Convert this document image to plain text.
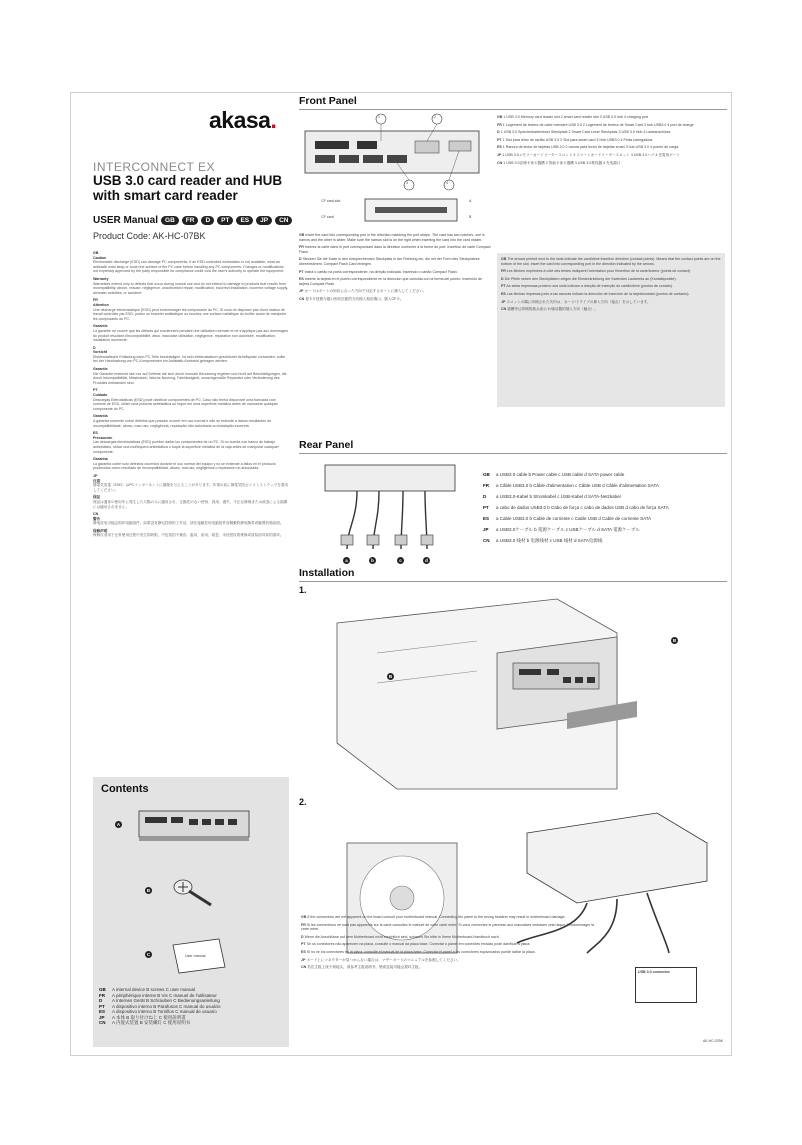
akasa.
INTERCONNECT EX
USB 3.0 card reader and HUB with smart card reader
USER Manual	GB	FR	D	PT	ES	JP	CN
Product Code: AK-HC-07BK

GB
Caution
Electrostatic discharge (ESD) can damage PC components. If an ESD controlled workstation is not available, wear an antistatic wrist strap or touch the surface of the PC case before handling any PC components. Changes or modifications not expressly approved by the party responsible for compliance could void the user's authority to operate the equipment.

Warranty
Warranties extend only to defects that occur during normal use and do not extend to damage to products that results from incompatibility, abuse, misuse, negligence, unauthorised repair, modification, incorrect installation, incorrect voltage supply, air/water activities, or accident.

FR
Attention
Une décharge électrostatique (ESD) peut endommager les composants du PC. Si vous ne disposez pas d'une station de travail contrôlée par ESD, portez un bracelet antistatique ou touchez une surface métallique du boîtier avant de manipuler les composants du PC.

Garantie
La garantie ne couvre que les défauts qui surviennent pendant une utilisation normale et ne s'applique pas aux dommages du produit résultant d'incompatibilité, abus, mauvaise utilisation, négligence, réparation non autorisée, modification, installation incorrecte.

D
Vorsicht
Elektrostatische Entladung kann PC-Teile beschädigen. Ist kein elektrostatisch geschützter Arbeitsplatz vorhanden, sollte bei der Handhabung von PC-Komponenten ein Antistatik-Armband getragen werden.

Garantie
Die Garantie erstreckt sich nur auf Defekte die sich durch normale Benutzung ergeben und nicht auf Beschädigungen, die durch Inkompatibilität, Missbrauch, falsche Nutzung, Fahrlässigkeit, unsachgemäße Reparatur oder Veränderung des Produkts entstanden sind.

PT
Cuidado
Descargas Eletrostáticas (ESD) pode danificar componentes de PC. Caso não tenha disponível uma bancada com controle de ESD, utilize uma pulseira antiestática ou toque em uma superfície metálica antes de manusear qualquer componente do PC.

Garantia
A garantia somente cobre defeitos que possam ocorrer em uso normal e não se estende a danos resultantes de incompatibilidade, abuso, mau uso, negligência, reparação não autorizada ou instalação incorreta.

ES
Precaución
Las descargas electrostáticas (ESD) pueden dañar los componentes de un PC. Si no cuenta con banco de trabajo antiestático, utilice una muñequera antiestática o toque la superficie metálica de la caja antes de manipular cualquier componente.

Garantía
La garantía cubre solo defectos ocurridos durante el uso normal del equipo y no se extiende a fallos en el producto producidos como resultado de incompatibilidad, abuso, mal uso, negligencia o reparación no autorizada.

JP
注意
静電気放電（ESD）はPCコンポーネントに損傷を与えることがあります。作業の前に静電気防止リストストラップを着用してください。

保証
保証は通常の使用中に発生した欠陥のみに適用され、互換性のない使用、誤用、過失、不正な修理または改造による損傷には適用されません。

CN
警告
静电放电可能会损坏电脑组件。如果没有静电控制的工作站，请在接触任何电脑组件前佩戴防静电腕带或触摸机箱表面。

保修声明
保修仅适用于正常使用过程中发生的缺陷，不包括因不兼容、滥用、误用、疏忽、未经授权的维修或改装而导致的损坏。

Contents
A
B
C	User manual
GB A internal device B screws C user manual
FR A périphérique interne B Vis C manuel de l'utilisateur
D A Internes Gerät B Schrauben C Bedienungsanleitung
PT A dispositivo interno B Parafusos C manual do usuário
ES A dispositivo interno B Tornillos C manual de usuario
JP A 本体 B 取り付けねじ C 使用説明書
CN A 内置式装置 B 安装螺钉 C 使用说明书
Front Panel
1	2
3	4
CF card slot
CF card
A
B
GB Insert the card into corresponding port in the direction matching the port shape. The card has two notches, one is narrow and the other is wider. Make sure the narrow slot is on the right when inserting the card into the card reader.
FR Insérez la carte dans le port correspondant dans la direction conforme à la forme du port. Insertion de carte Compact Flash.
D Stecken Sie die Karte in den entsprechenden Steckplatz in der Richtung ein, die mit der Form des Steckplatzes übereinstimmt. Compact Flash Card einlegen.
PT Insira o cartão na porta correspondente, na direção indicada. Inserindo o cartão Compact Flash.
ES Inserte la tarjeta en el puerto correspondiente en la dirección que coincida con la forma del puerto. Inserción de tarjeta Compact Flash.
JP カードはポートの形状に合った方向で対応するポートに挿入してください。
CN 将卡片按照与端口形状匹配的方向插入相应端口。插入CF卡。
GB 1 USB 3.0 Memory card reader slot 2 smart card reader slot 3 USB 3.0 hub 4 charging port
FR 1 Logement de lecteur de carte mémoire USB 3.0 2 Logement de lecteur de Smart Card 3 hub USB3.0 4 port de charge
D 1 USB 3.0 Speicherkartenleser Steckplatz 2 Smart Card Leser Steckplatz 3 USB 3.0 Hub 4 Ladeanschluss
PT 1 Slot para leitor de cartão USB 3.0 2 Slot para smart card 3 Hub USB3.0 4 Porta carregadora
ES 1 Ranura de lector de tarjetas USB 3.0 2 ranura para lector de tarjetas smart 3 hub USB 3.0 4 puerto de carga
JP 1 USB 3.0メモリーカードリーダースロット 2 スマートカードリーダースロット 3 USB 3.0ハブ 4 充電用ポート
CN 1 USB 3.0存储卡读卡器槽 2 智能卡读卡器槽 3 USB 3.0集线器 4 充电端口
GB The arrows printed next to the slots indicate the card/drive insertion direction (contact points). Means that the contact points are on the bottom of the slot. Insert the card into corresponding port in the direction indicated by the arrows.
FR Les flèches imprimées à côté des fentes indiquent l'orientation pour l'insertion de la carte/lecteur (points de contact).
D Die Pfeile neben den Steckplätzen zeigen die Einsteckrichtung der Karte/des Laufwerks an (Kontaktpunkte).
PT As setas impressas próximo aos slots indicam a direção de inserção do cartão/drive (pontos de contato).
ES Las flechas impresas junto a las ranuras indican la dirección de inserción de la tarjeta/unidad (puntos de contacto).
JP スロットの隣に印刷された矢印は、カード/ドライブの挿入方向（接点）を示しています。
CN 插槽旁边印刷的箭头表示卡/驱动器的插入方向（触点）。
Rear Panel
a	b	c	d
GB a USB3.0 cable b Power cable c USB cable d SATA power cable
FR a Câble USB3.0 b Câble d'alimentation c Câble USB d Câble d'alimentation SATA
D a USB3.0-Kabel b Stromkabel c USB-Kabel d SATA-Netzkabel
PT a cabo de dados USB3.0 b Cabo de força c cabo de dados USB d cabo de força SATA
ES a Cable USB3.0 b Cable de corriente c Cable USB d Cable de corriente SATA
JP a USB3.0ケーブル b 電源ケーブル c USBケーブル d SATA 電源ケーブル
CN a USB3.0 线材 b 电源线材 c USB 线材 d SATA电源线
Installation
1.
B
B
2.
GB If the connectors are not apparent on the board consult your motherboard manual. Connecting the panel to the wrong headers may result in motherboard damage.
FR Si les connecteurs ne sont pas apparents sur la carte consultez le manuel de votre carte mère. Si vous connectez le panneau aux mauvaises embases cela risque d'endommager la carte mère.
D Wenn die Anschlüsse auf dem Motherboard nicht ersichtlich sind, schauen Sie bitte in Ihrem Motherboard-Handbuch nach.
PT Se os conectores não aparecem na placa, consulte o manual da placa base. Conectar o painel em conexões erradas pode danificar a placa.
ES Si no ve los conectores en la placa, consulte el manual de la placa base. Conectar el panel a los conectores equivocados puede dañar la placa.
JP ボード上にコネクターが見つからない場合は、マザーボードのマニュアルを参照してください。
CN 若在主板上找不到接头，请参考主板说明书。错误连接可能会损坏主板。
USB 3.0 connector
AK-HC-07BK
